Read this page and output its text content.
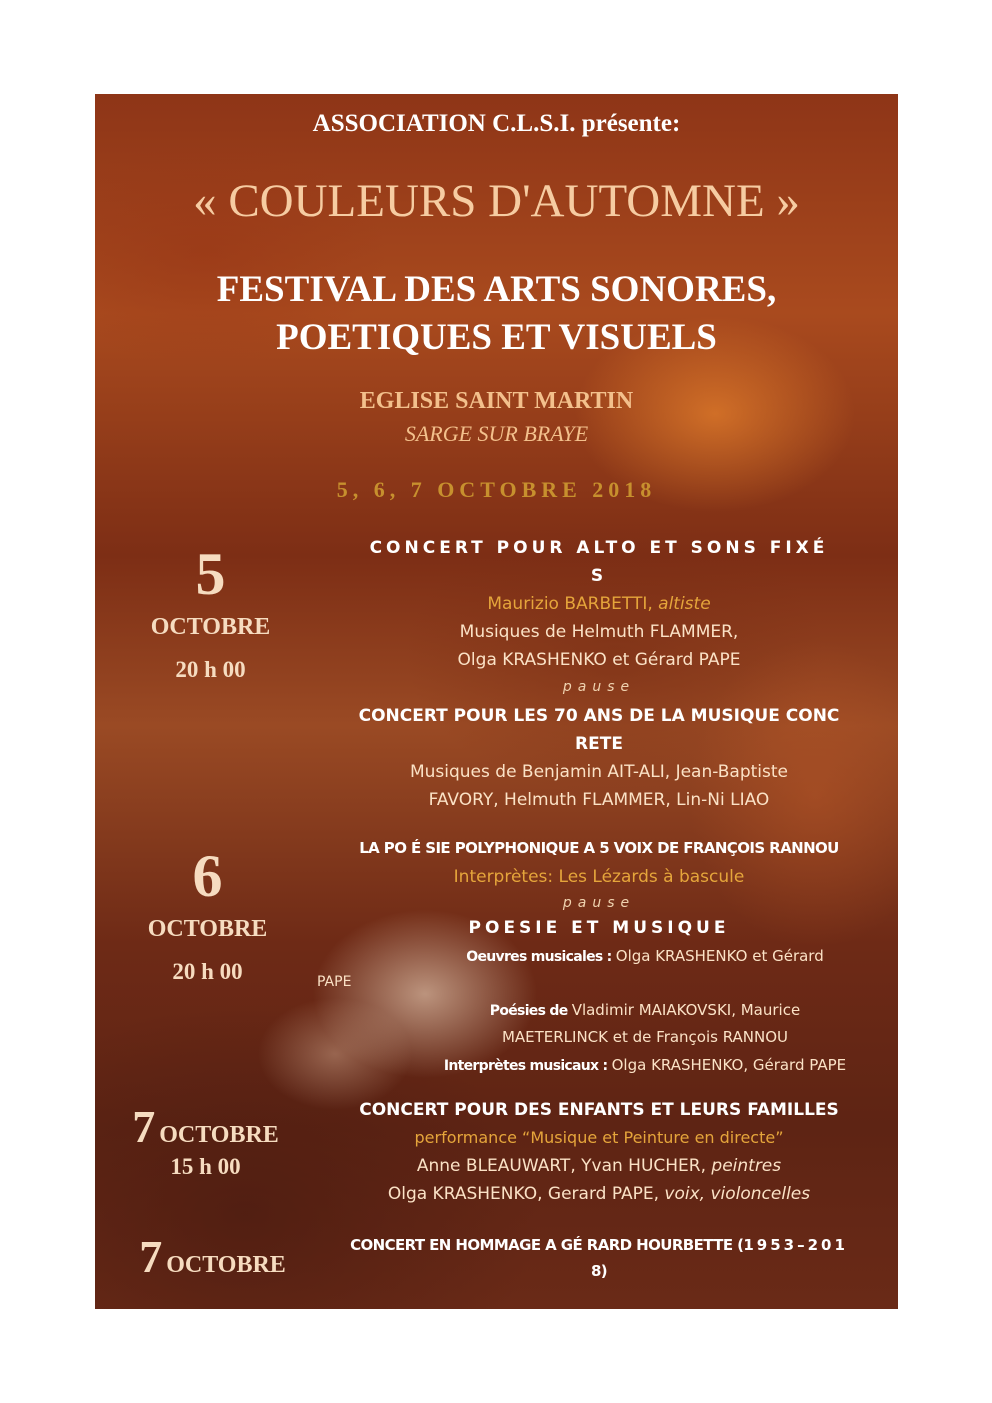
ASSOCIATION C.L.S.I. présente:

« COULEURS D'AUTOMNE »

FESTIVAL DES ARTS SONORES,

POETIQUES ET VISUELS

EGLISE SAINT MARTIN

SARGE SUR BRAYE

5, 6, 7 OCTOBRE 2018

5
OCTOBRE
20 h 00

CONCERT POUR ALTO ET SONS FIXÉ

S

Maurizio BARBETTI, altiste

Musiques de Helmuth FLAMMER,

Olga KRASHENKO et Gérard PAPE

pause

CONCERT POUR LES 70 ANS DE LA MUSIQUE CONC

RETE

Musiques de Benjamin AIT-ALI, Jean-Baptiste

FAVORY, Helmuth FLAMMER, Lin-Ni LIAO

6
OCTOBRE
20 h 00

LA PO É SIE POLYPHONIQUE A 5 VOIX DE FRANÇOIS RANNOU

Interprètes: Les Lézards à bascule

pause

POESIE ET MUSIQUE

Oeuvres musicales : Olga KRASHENKO et Gérard

PAPE

Poésies de Vladimir MAIAKOVSKI, Maurice

MAETERLINCK et de François RANNOU

Interprètes musicaux : Olga KRASHENKO, Gérard PAPE

7 OCTOBRE
15 h 00

CONCERT POUR DES ENFANTS ET LEURS FAMILLES

performance “Musique et Peinture en directe”

Anne BLEAUWART, Yvan HUCHER, peintres

Olga KRASHENKO, Gerard PAPE, voix, violoncelles

7 OCTOBRE

CONCERT EN HOMMAGE A GÉ RARD HOURBETTE (1953–201

8)
